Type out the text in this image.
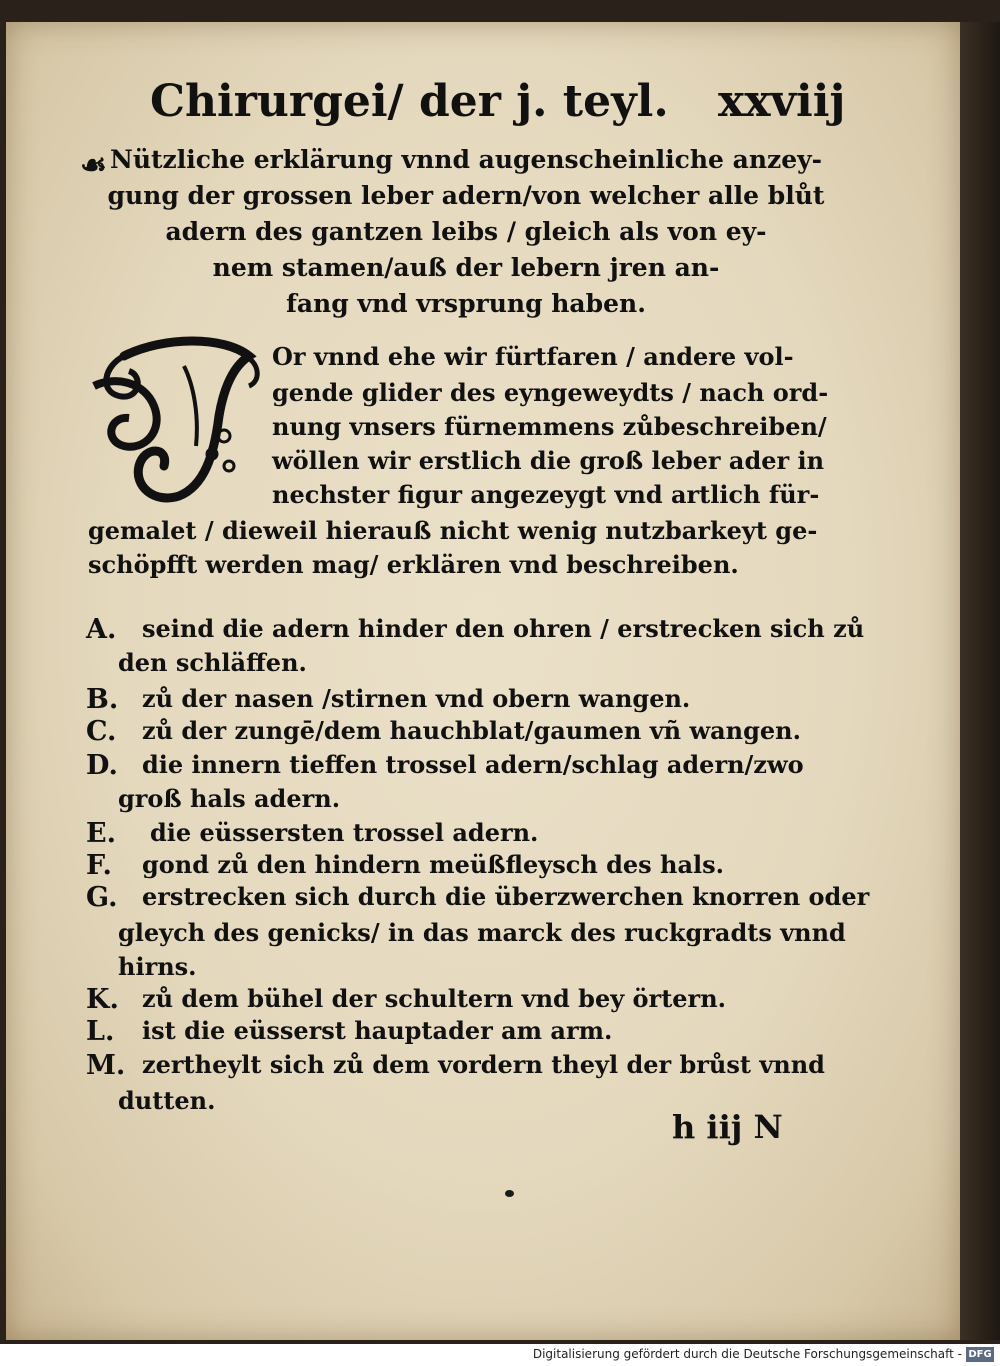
Chirurgei/ der j. teyl. xxviij
☙ Nützliche erklärung vnnd augenscheinliche anzey-
gung der grossen leber adern/von welcher alle blůt
adern des gantzen leibs / gleich als von ey-
nem stamen/auß der lebern jren an-
fang vnd vrsprung haben.
Or vnnd ehe wir fürtfaren / andere vol-
gende glider des eyngeweydts / nach ord-
nung vnsers fürnemmens zůbeschreiben/
wöllen wir erstlich die groß leber ader in
nechster figur angezeygt vnd artlich für-
gemalet / dieweil hierauß nicht wenig nutzbarkeyt ge-
schöpfft werden mag/ erklären vnd beschreiben.
A. seind die adern hinder den ohren / erstrecken sich zů
den schläffen.
B. zů der nasen /stirnen vnd obern wangen.
C. zů der zungē/dem hauchblat/gaumen vñ wangen.
D. die innern tieffen trossel adern/schlag adern/zwo
groß hals adern.
E. die eüssersten trossel adern.
F. gond zů den hindern meüßfleysch des hals.
G. erstrecken sich durch die überzwerchen knorren oder
gleych des genicks/ in das marck des ruckgradts vnnd
hirns.
K. zů dem bühel der schultern vnd bey örtern.
L. ist die eüsserst hauptader am arm.
M. zertheylt sich zů dem vordern theyl der brůst vnnd
dutten.
h iij N
Digitalisierung gefördert durch die Deutsche Forschungsgemeinschaft - DFG
